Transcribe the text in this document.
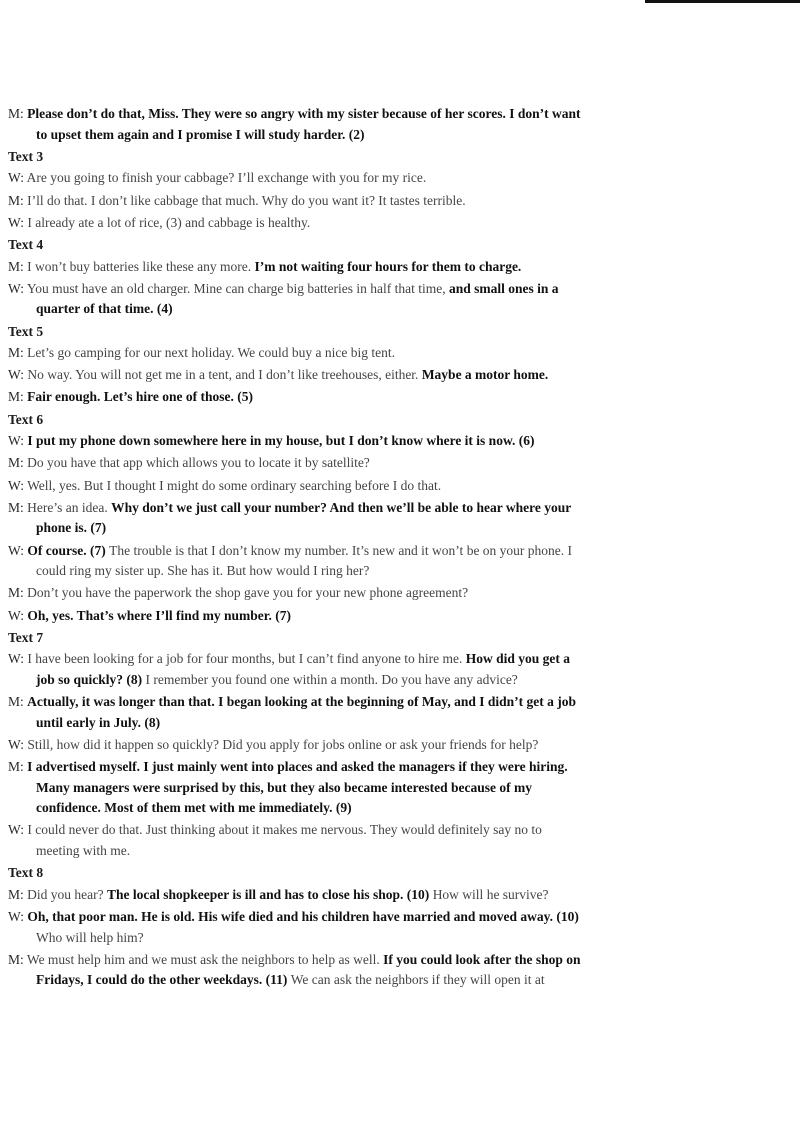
M: Please don’t do that, Miss. They were so angry with my sister because of her scores. I don’t want to upset them again and I promise I will study harder. (2)
Text 3
W: Are you going to finish your cabbage? I’ll exchange with you for my rice.
M: I’ll do that. I don’t like cabbage that much. Why do you want it? It tastes terrible.
W: I already ate a lot of rice, (3) and cabbage is healthy.
Text 4
M: I won’t buy batteries like these any more. I’m not waiting four hours for them to charge.
W: You must have an old charger. Mine can charge big batteries in half that time, and small ones in a quarter of that time. (4)
Text 5
M: Let’s go camping for our next holiday. We could buy a nice big tent.
W: No way. You will not get me in a tent, and I don’t like treehouses, either. Maybe a motor home.
M: Fair enough. Let’s hire one of those. (5)
Text 6
W: I put my phone down somewhere here in my house, but I don’t know where it is now. (6)
M: Do you have that app which allows you to locate it by satellite?
W: Well, yes. But I thought I might do some ordinary searching before I do that.
M: Here’s an idea. Why don’t we just call your number? And then we’ll be able to hear where your phone is. (7)
W: Of course. (7) The trouble is that I don’t know my number. It’s new and it won’t be on your phone. I could ring my sister up. She has it. But how would I ring her?
M: Don’t you have the paperwork the shop gave you for your new phone agreement?
W: Oh, yes. That’s where I’ll find my number. (7)
Text 7
W: I have been looking for a job for four months, but I can’t find anyone to hire me. How did you get a job so quickly? (8) I remember you found one within a month. Do you have any advice?
M: Actually, it was longer than that. I began looking at the beginning of May, and I didn’t get a job until early in July. (8)
W: Still, how did it happen so quickly? Did you apply for jobs online or ask your friends for help?
M: I advertised myself. I just mainly went into places and asked the managers if they were hiring. Many managers were surprised by this, but they also became interested because of my confidence. Most of them met with me immediately. (9)
W: I could never do that. Just thinking about it makes me nervous. They would definitely say no to meeting with me.
Text 8
M: Did you hear? The local shopkeeper is ill and has to close his shop. (10) How will he survive?
W: Oh, that poor man. He is old. His wife died and his children have married and moved away. (10) Who will help him?
M: We must help him and we must ask the neighbors to help as well. If you could look after the shop on Fridays, I could do the other weekdays. (11) We can ask the neighbors if they will open it at
